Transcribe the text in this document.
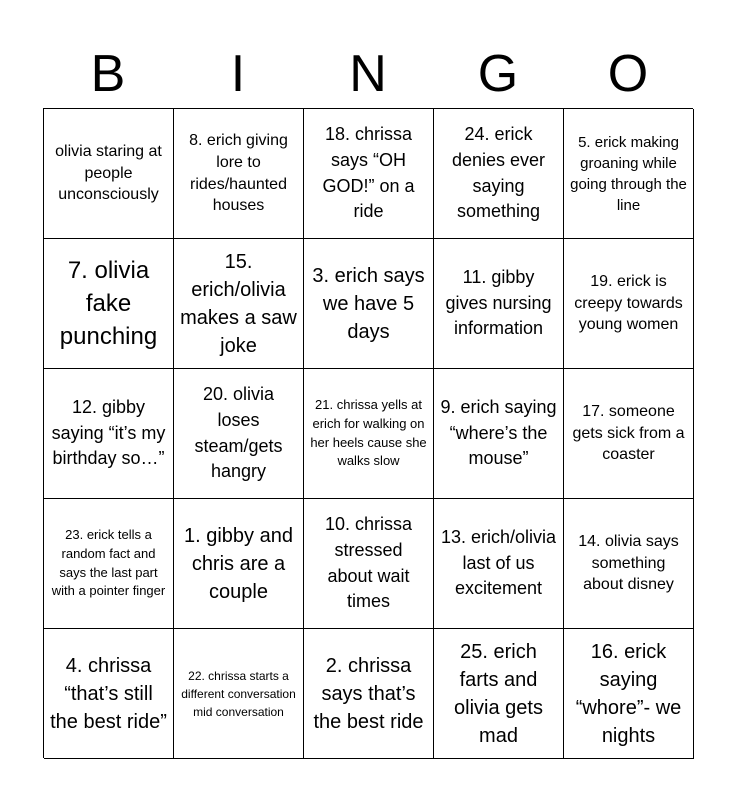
B	I	N	G	O
olivia staring at people unconsciously
8. erich giving lore to rides/haunted houses
18. chrissa says “OH GOD!” on a ride
24. erick denies ever saying something
5. erick making groaning while going through the line
7. olivia fake punching
15. erich/olivia makes a saw joke
3. erich says we have 5 days
11. gibby gives nursing information
19. erick is creepy towards young women
12. gibby saying “it’s my birthday so…”
20. olivia loses steam/gets hangry
21. chrissa yells at erich for walking on her heels cause she walks slow
9. erich saying “where’s the mouse”
17. someone gets sick from a coaster
23. erick tells a random fact and says the last part with a pointer finger
1. gibby and chris are a couple
10. chrissa stressed about wait times
13. erich/olivia last of us excitement
14. olivia says something about disney
4. chrissa “that’s still the best ride”
22. chrissa starts a different conversation mid conversation
2. chrissa says that’s the best ride
25. erich farts and olivia gets mad
16. erick saying “whore”- we nights
